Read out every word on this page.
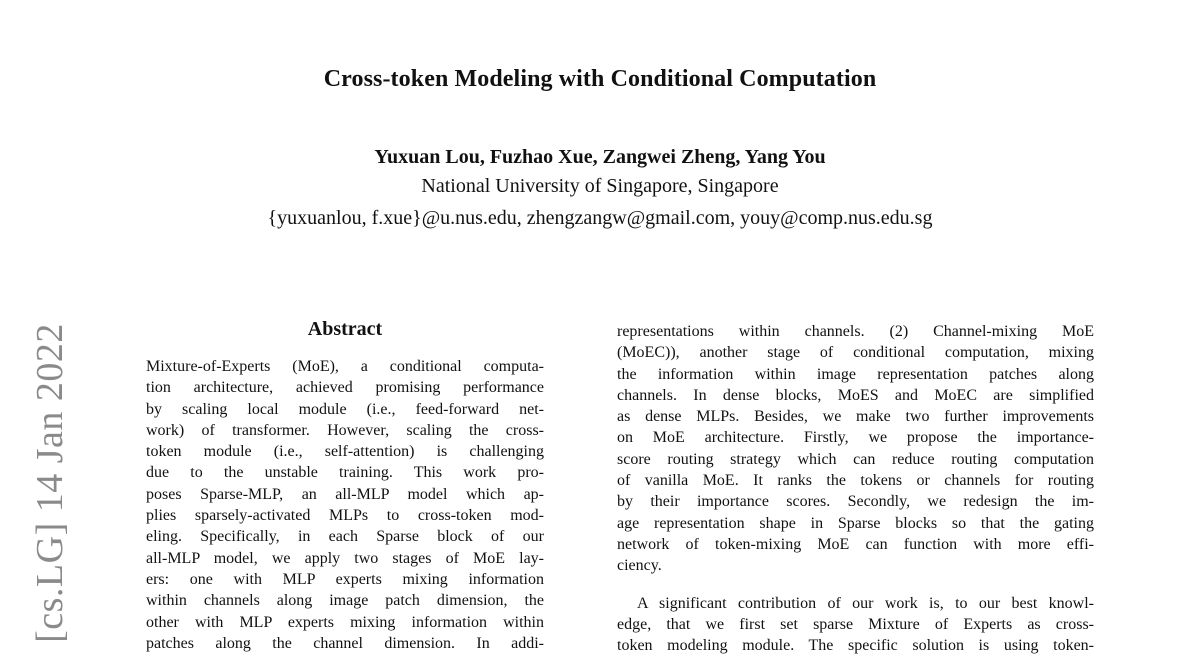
Cross-token Modeling with Conditional Computation
Yuxuan Lou, Fuzhao Xue, Zangwei Zheng, Yang You
National University of Singapore, Singapore
{yuxuanlou, f.xue}@u.nus.edu, zhengzangw@gmail.com, youy@comp.nus.edu.sg
[cs.LG] 14 Jan 2022	Abstract
Mixture-of-Experts (MoE), a conditional computa-
tion architecture, achieved promising performance
by scaling local module (i.e., feed-forward net-
work) of transformer. However, scaling the cross-
token module (i.e., self-attention) is challenging
due to the unstable training. This work pro-
poses Sparse-MLP, an all-MLP model which ap-
plies sparsely-activated MLPs to cross-token mod-
eling. Specifically, in each Sparse block of our
all-MLP model, we apply two stages of MoE lay-
ers: one with MLP experts mixing information
within channels along image patch dimension, the
other with MLP experts mixing information within
patches along the channel dimension. In addi-
representations within channels. (2) Channel-mixing MoE
(MoEC)), another stage of conditional computation, mixing
the information within image representation patches along
channels. In dense blocks, MoES and MoEC are simplified
as dense MLPs. Besides, we make two further improvements
on MoE architecture. Firstly, we propose the importance-
score routing strategy which can reduce routing computation
of vanilla MoE. It ranks the tokens or channels for routing
by their importance scores. Secondly, we redesign the im-
age representation shape in Sparse blocks so that the gating
network of token-mixing MoE can function with more effi-
ciency.
A significant contribution of our work is, to our best knowl-
edge, that we first set sparse Mixture of Experts as cross-
token modeling module. The specific solution is using token-
